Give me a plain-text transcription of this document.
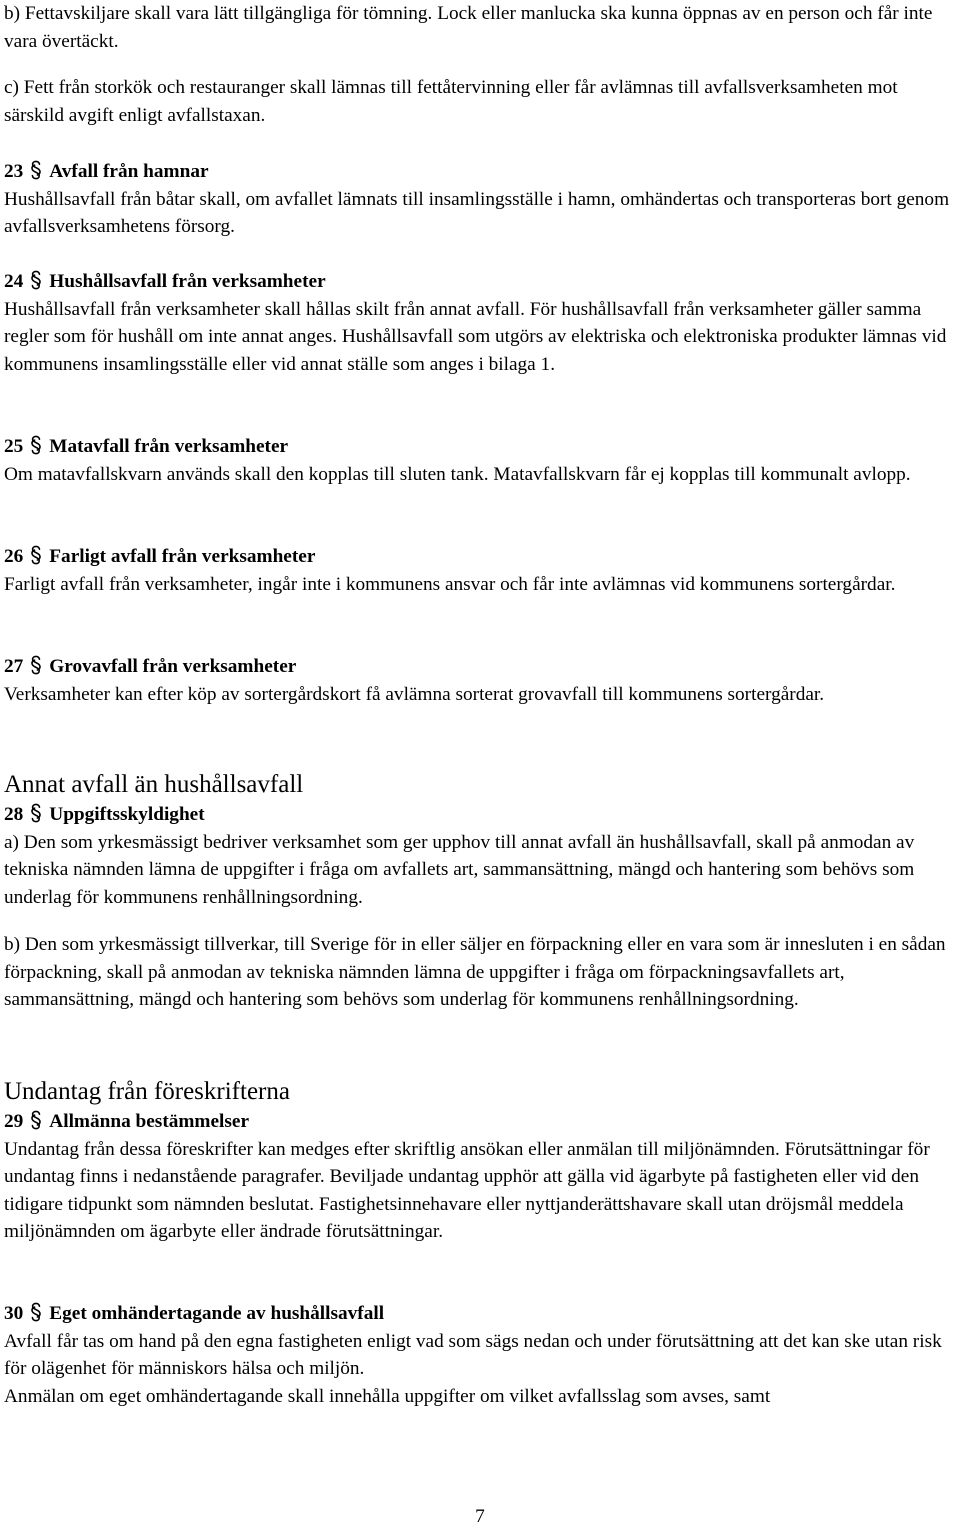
b) Fettavskiljare skall vara lätt tillgängliga för tömning. Lock eller manlucka ska kunna öppnas av en person och får inte vara övertäckt.
c) Fett från storkök och restauranger skall lämnas till fettåtervinning eller får avlämnas till avfallsverksamheten mot särskild avgift enligt avfallstaxan.
23 Avfall från hamnar
Hushållsavfall från båtar skall, om avfallet lämnats till insamlingsställe i hamn, omhändertas och transporteras bort genom avfallsverksamhetens försorg.
24 Hushållsavfall från verksamheter
Hushållsavfall från verksamheter skall hållas skilt från annat avfall. För hushållsavfall från verksamheter gäller samma regler som för hushåll om inte annat anges. Hushållsavfall som utgörs av elektriska och elektroniska produkter lämnas vid kommunens insamlingsställe eller vid annat ställe som anges i bilaga 1.
25 Matavfall från verksamheter
Om matavfallskvarn används skall den kopplas till sluten tank. Matavfallskvarn får ej kopplas till kommunalt avlopp.
26 Farligt avfall från verksamheter
Farligt avfall från verksamheter, ingår inte i kommunens ansvar och får inte avlämnas vid kommunens sortergårdar.
27 Grovavfall från verksamheter
Verksamheter kan efter köp av sortergårdskort få avlämna sorterat grovavfall till kommunens sortergårdar.
Annat avfall än hushållsavfall
28 Uppgiftsskyldighet
a) Den som yrkesmässigt bedriver verksamhet som ger upphov till annat avfall än hushållsavfall, skall på anmodan av tekniska nämnden lämna de uppgifter i fråga om avfallets art, sammansättning, mängd och hantering som behövs som underlag för kommunens renhållningsordning.
b) Den som yrkesmässigt tillverkar, till Sverige för in eller säljer en förpackning eller en vara som är innesluten i en sådan förpackning, skall på anmodan av tekniska nämnden lämna de uppgifter i fråga om förpackningsavfallets art, sammansättning, mängd och hantering som behövs som underlag för kommunens renhållningsordning.
Undantag från föreskrifterna
29 Allmänna bestämmelser
Undantag från dessa föreskrifter kan medges efter skriftlig ansökan eller anmälan till miljönämnden. Förutsättningar för undantag finns i nedanstående paragrafer. Beviljade undantag upphör att gälla vid ägarbyte på fastigheten eller vid den tidigare tidpunkt som nämnden beslutat. Fastighetsinnehavare eller nyttjanderättshavare skall utan dröjsmål meddela miljönämnden om ägarbyte eller ändrade förutsättningar.
30 Eget omhändertagande av hushållsavfall
Avfall får tas om hand på den egna fastigheten enligt vad som sägs nedan och under förutsättning att det kan ske utan risk för olägenhet för människors hälsa och miljön.
Anmälan om eget omhändertagande skall innehålla uppgifter om vilket avfallsslag som avses, samt
7
